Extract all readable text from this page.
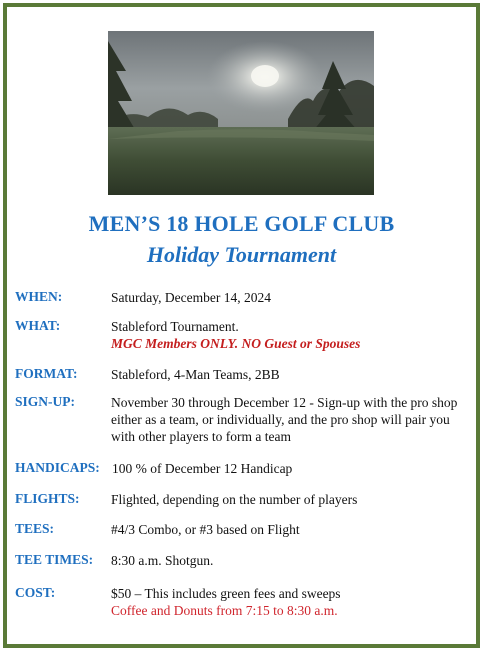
MEN’S 18 HOLE GOLF CLUB
Holiday Tournament
WHEN:	Saturday, December 14, 2024
WHAT:	Stableford Tournament.
MGC Members ONLY. NO Guest or Spouses
FORMAT: Stableford, 4-Man Teams, 2BB
SIGN-UP:	November 30 through December 12 - Sign-up with the pro shop either as a team, or individually, and the pro shop will pair you with other players to form a team
HANDICAPS: 100 % of December 12 Handicap
FLIGHTS: Flighted, depending on the number of players
TEES:	#4/3 Combo, or #3 based on Flight
TEE TIMES: 8:30 a.m. Shotgun.
COST:	$50 – This includes green fees and sweeps
Coffee and Donuts from 7:15 to 8:30 a.m.
